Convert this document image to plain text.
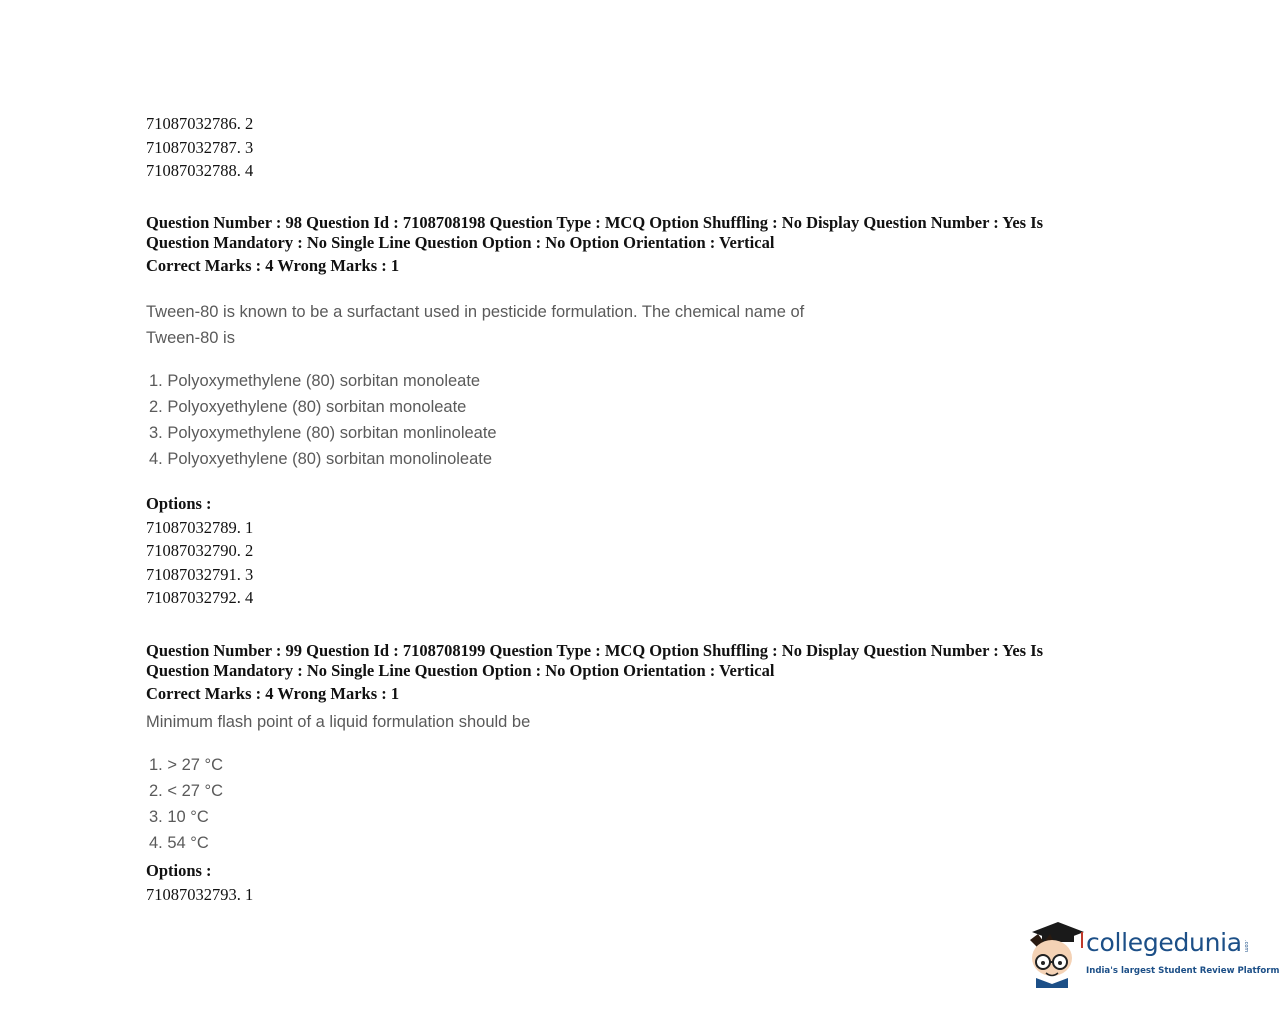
71087032786. 2
71087032787. 3
71087032788. 4
Question Number : 98 Question Id : 7108708198 Question Type : MCQ Option Shuffling : No Display Question Number : Yes Is
Question Mandatory : No Single Line Question Option : No Option Orientation : Vertical
Correct Marks : 4 Wrong Marks : 1
Tween-80 is known to be a surfactant used in pesticide formulation. The chemical name of
Tween-80 is
1. Polyoxymethylene (80) sorbitan monoleate
2. Polyoxyethylene (80) sorbitan monoleate
3. Polyoxymethylene (80) sorbitan monlinoleate
4. Polyoxyethylene (80) sorbitan monolinoleate
Options :
71087032789. 1
71087032790. 2
71087032791. 3
71087032792. 4
Question Number : 99 Question Id : 7108708199 Question Type : MCQ Option Shuffling : No Display Question Number : Yes Is
Question Mandatory : No Single Line Question Option : No Option Orientation : Vertical
Correct Marks : 4 Wrong Marks : 1
Minimum flash point of a liquid formulation should be
1. > 27 °C
2. < 27 °C
3. 10 °C
4. 54 °C
Options :
71087032793. 1
collegedunia .com
India's largest Student Review Platform
